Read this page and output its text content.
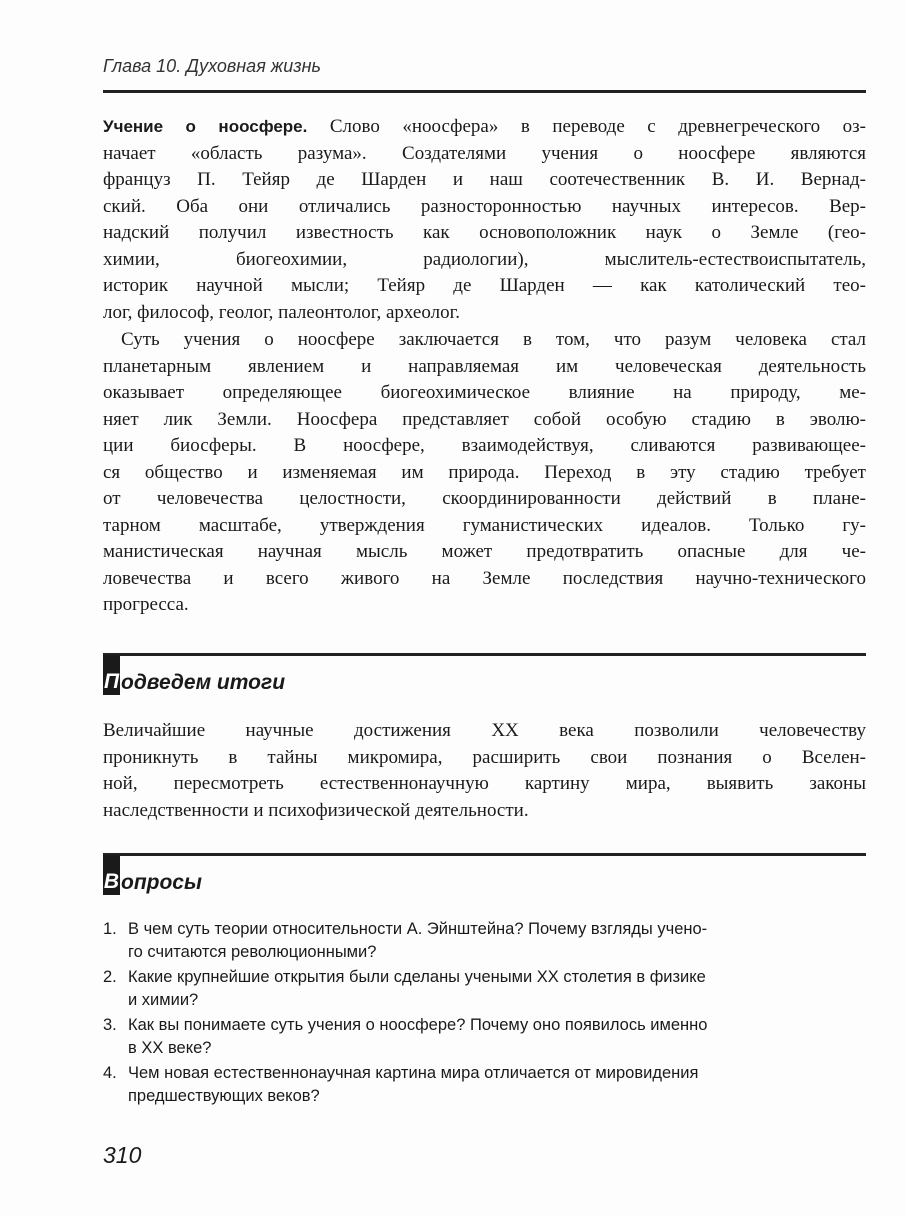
Глава 10. Духовная жизнь
Учение о ноосфере. Слово «ноосфера» в переводе с древнегреческого оз-
начает «область разума». Создателями учения о ноосфере являются
француз П. Тейяр де Шарден и наш соотечественник В. И. Вернад-
ский. Оба они отличались разносторонностью научных интересов. Вер-
надский получил известность как основоположник наук о Земле (гео-
химии, биогеохимии, радиологии), мыслитель-естествоиспытатель,
историк научной мысли; Тейяр де Шарден — как католический тео-
лог, философ, геолог, палеонтолог, археолог.
Суть учения о ноосфере заключается в том, что разум человека стал
планетарным явлением и направляемая им человеческая деятельность
оказывает определяющее биогеохимическое влияние на природу, ме-
няет лик Земли. Ноосфера представляет собой особую стадию в эволю-
ции биосферы. В ноосфере, взаимодействуя, сливаются развивающее-
ся общество и изменяемая им природа. Переход в эту стадию требует
от человечества целостности, скоординированности действий в плане-
тарном масштабе, утверждения гуманистических идеалов. Только гу-
манистическая научная мысль может предотвратить опасные для че-
ловечества и всего живого на Земле последствия научно-технического
прогресса.
П одведем итоги
Величайшие научные достижения XX века позволили человечеству
проникнуть в тайны микромира, расширить свои познания о Вселен-
ной, пересмотреть естественнонаучную картину мира, выявить законы
наследственности и психофизической деятельности.
В опросы
1. В чем суть теории относительности А. Эйнштейна? Почему взгляды учено-
го считаются революционными?
2. Какие крупнейшие открытия были сделаны учеными XX столетия в физике
и химии?
3. Как вы понимаете суть учения о ноосфере? Почему оно появилось именно
в XX веке?
4. Чем новая естественнонаучная картина мира отличается от мировидения
предшествующих веков?
310
